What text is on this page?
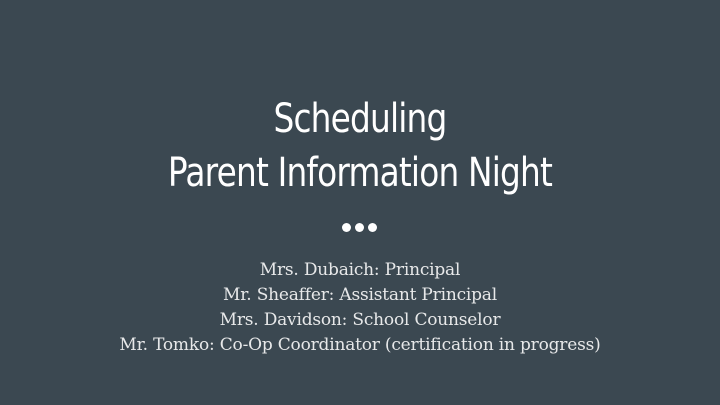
Scheduling
Parent Information Night
Mrs. Dubaich: Principal
Mr. Sheaffer: Assistant Principal
Mrs. Davidson: School Counselor
Mr. Tomko: Co-Op Coordinator (certification in progress)
